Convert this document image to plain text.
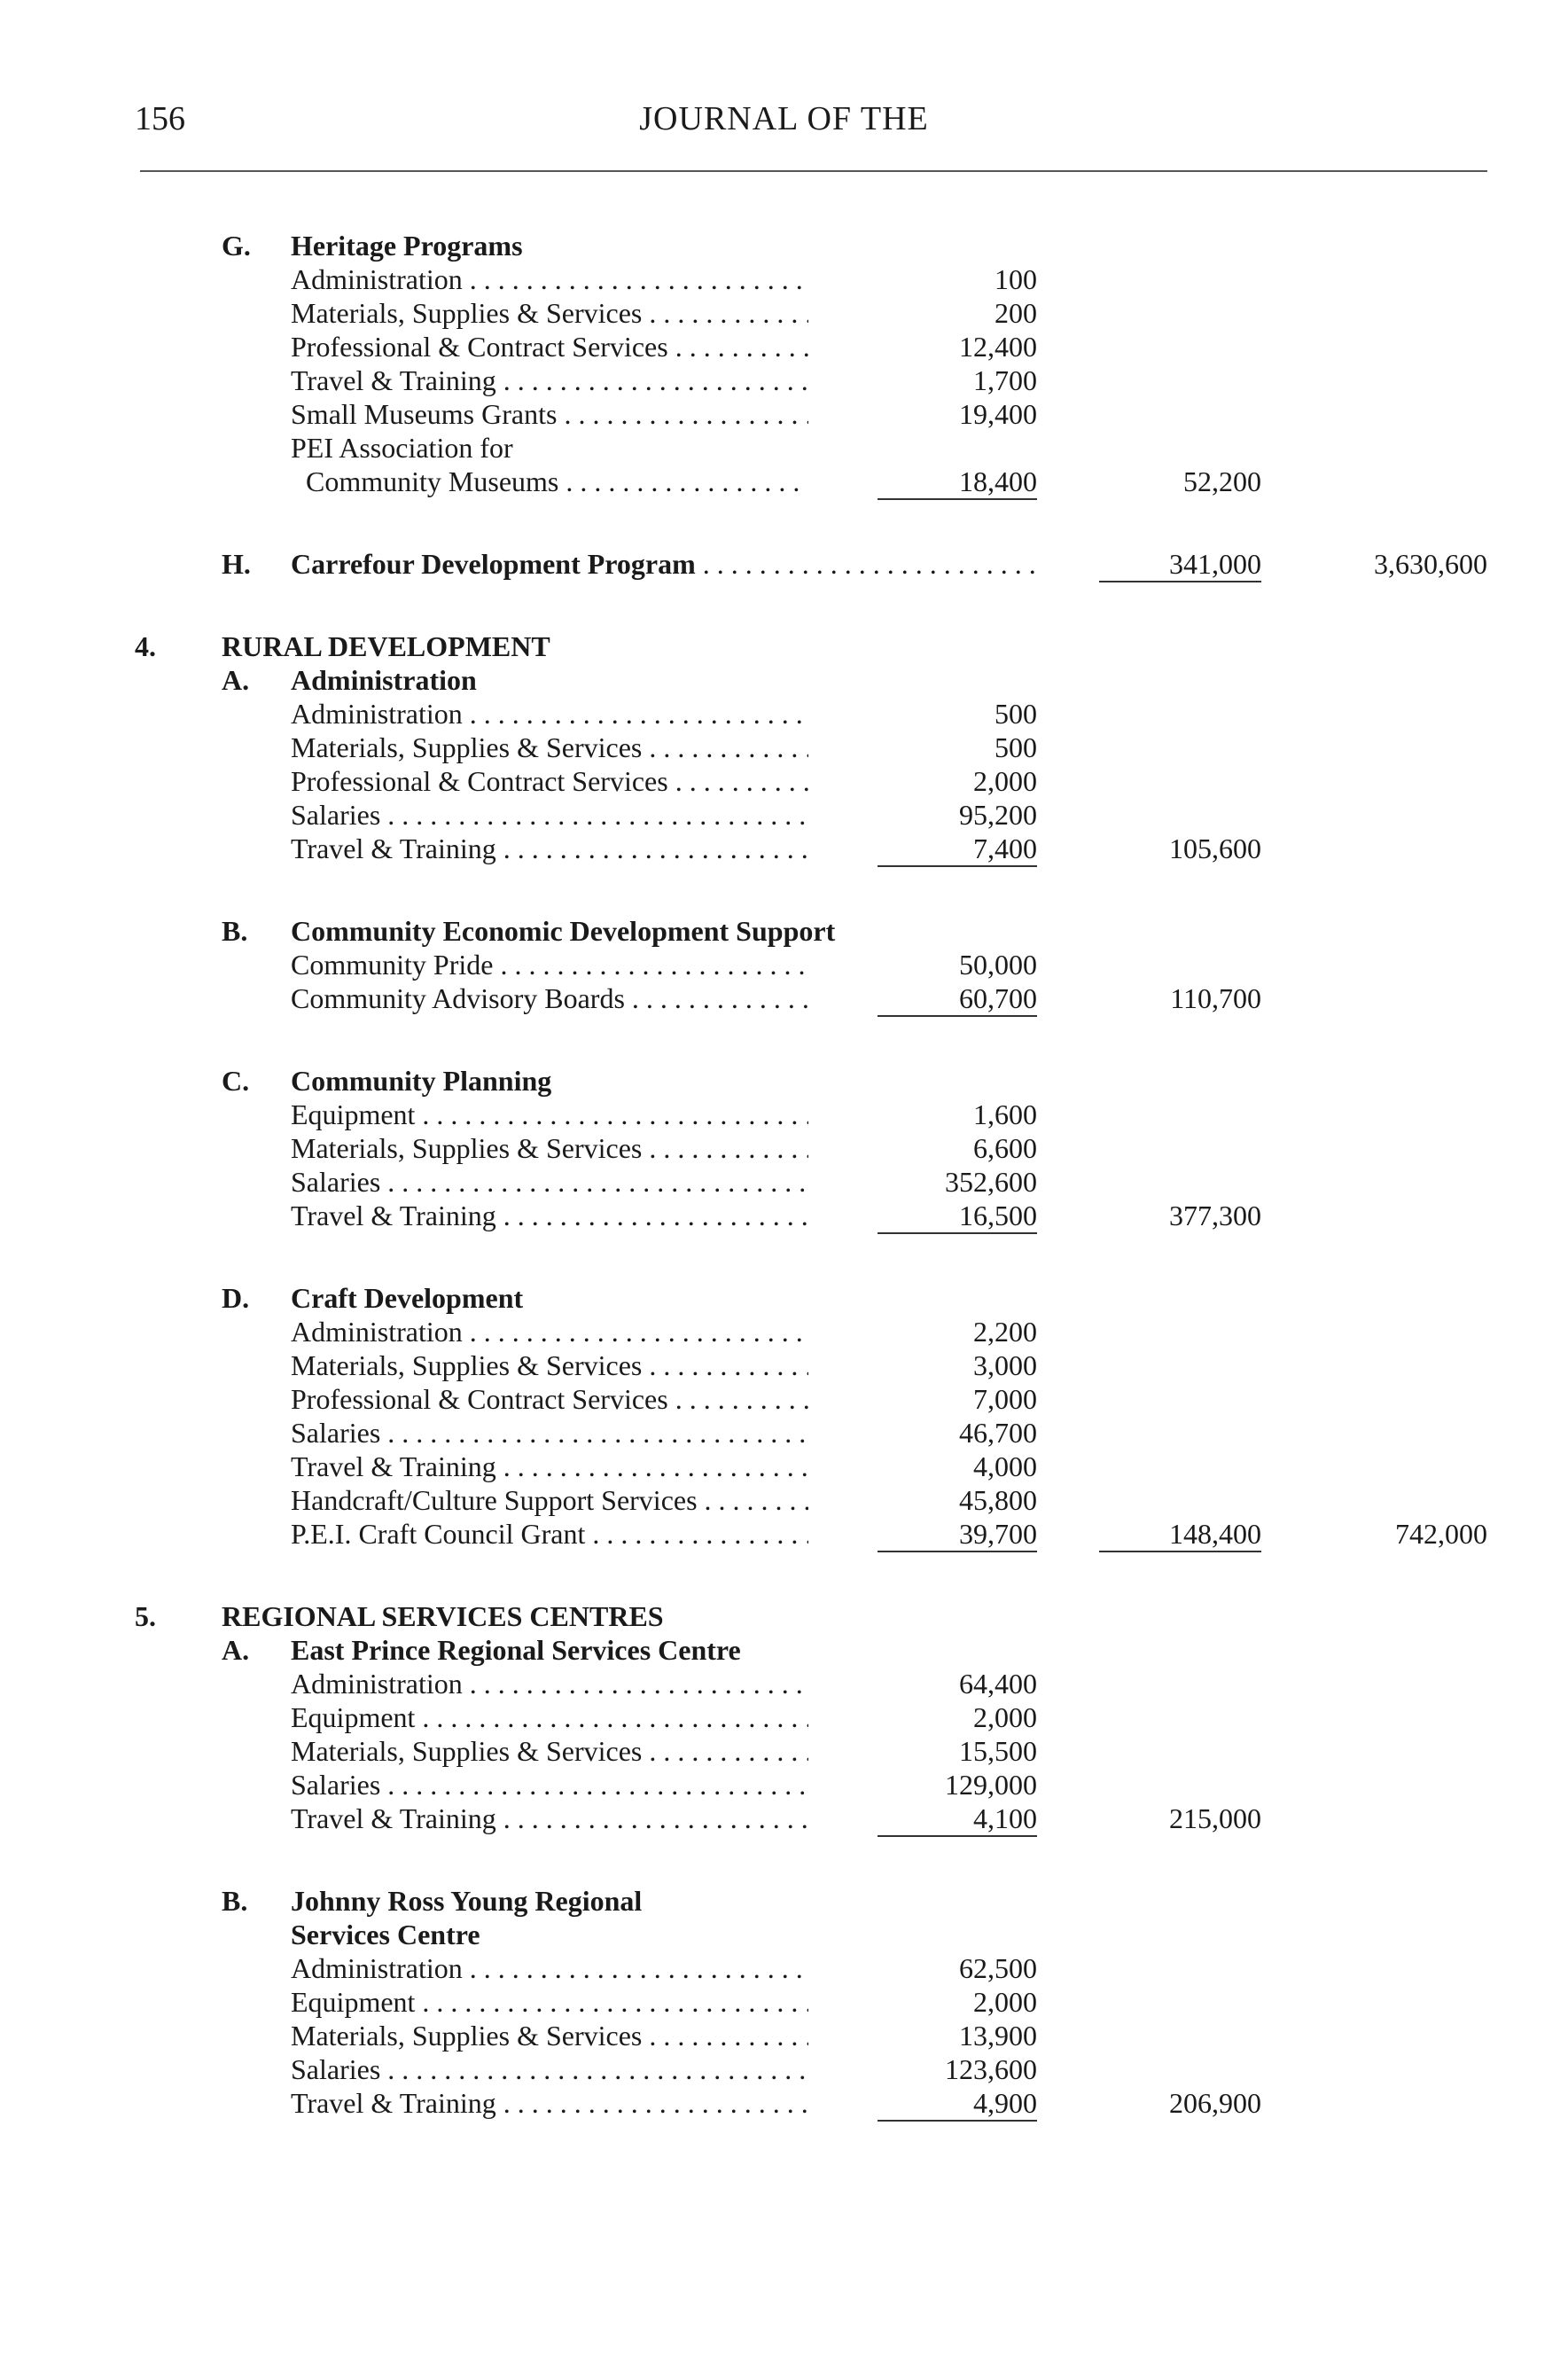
156	JOURNAL OF THE
G. Heritage Programs
Administration . . .	100
Materials, Supplies & Services . . .	200
Professional & Contract Services . . .	12,400
Travel & Training . . .	1,700
Small Museums Grants . . .	19,400
PEI Association for
Community Museums . . .	18,400	52,200
H. Carrefour Development Program . . .	341,000	3,630,600
4. RURAL DEVELOPMENT
A. Administration
Administration . . .	500
Materials, Supplies & Services . . .	500
Professional & Contract Services . . .	2,000
Salaries . . .	95,200
Travel & Training . . .	7,400	105,600
B. Community Economic Development Support
Community Pride . . .	50,000
Community Advisory Boards . . .	60,700	110,700
C. Community Planning
Equipment . . .	1,600
Materials, Supplies & Services . . .	6,600
Salaries . . .	352,600
Travel & Training . . .	16,500	377,300
D. Craft Development
Administration . . .	2,200
Materials, Supplies & Services . . .	3,000
Professional & Contract Services . . .	7,000
Salaries . . .	46,700
Travel & Training . . .	4,000
Handcraft/Culture Support Services . . .	45,800
P.E.I. Craft Council Grant . . .	39,700	148,400	742,000
5. REGIONAL SERVICES CENTRES
A. East Prince Regional Services Centre
Administration . . .	64,400
Equipment . . .	2,000
Materials, Supplies & Services . . .	15,500
Salaries . . .	129,000
Travel & Training . . .	4,100	215,000
B. Johnny Ross Young Regional
Services Centre
Administration . . .	62,500
Equipment . . .	2,000
Materials, Supplies & Services . . .	13,900
Salaries . . .	123,600
Travel & Training . . .	4,900	206,900
